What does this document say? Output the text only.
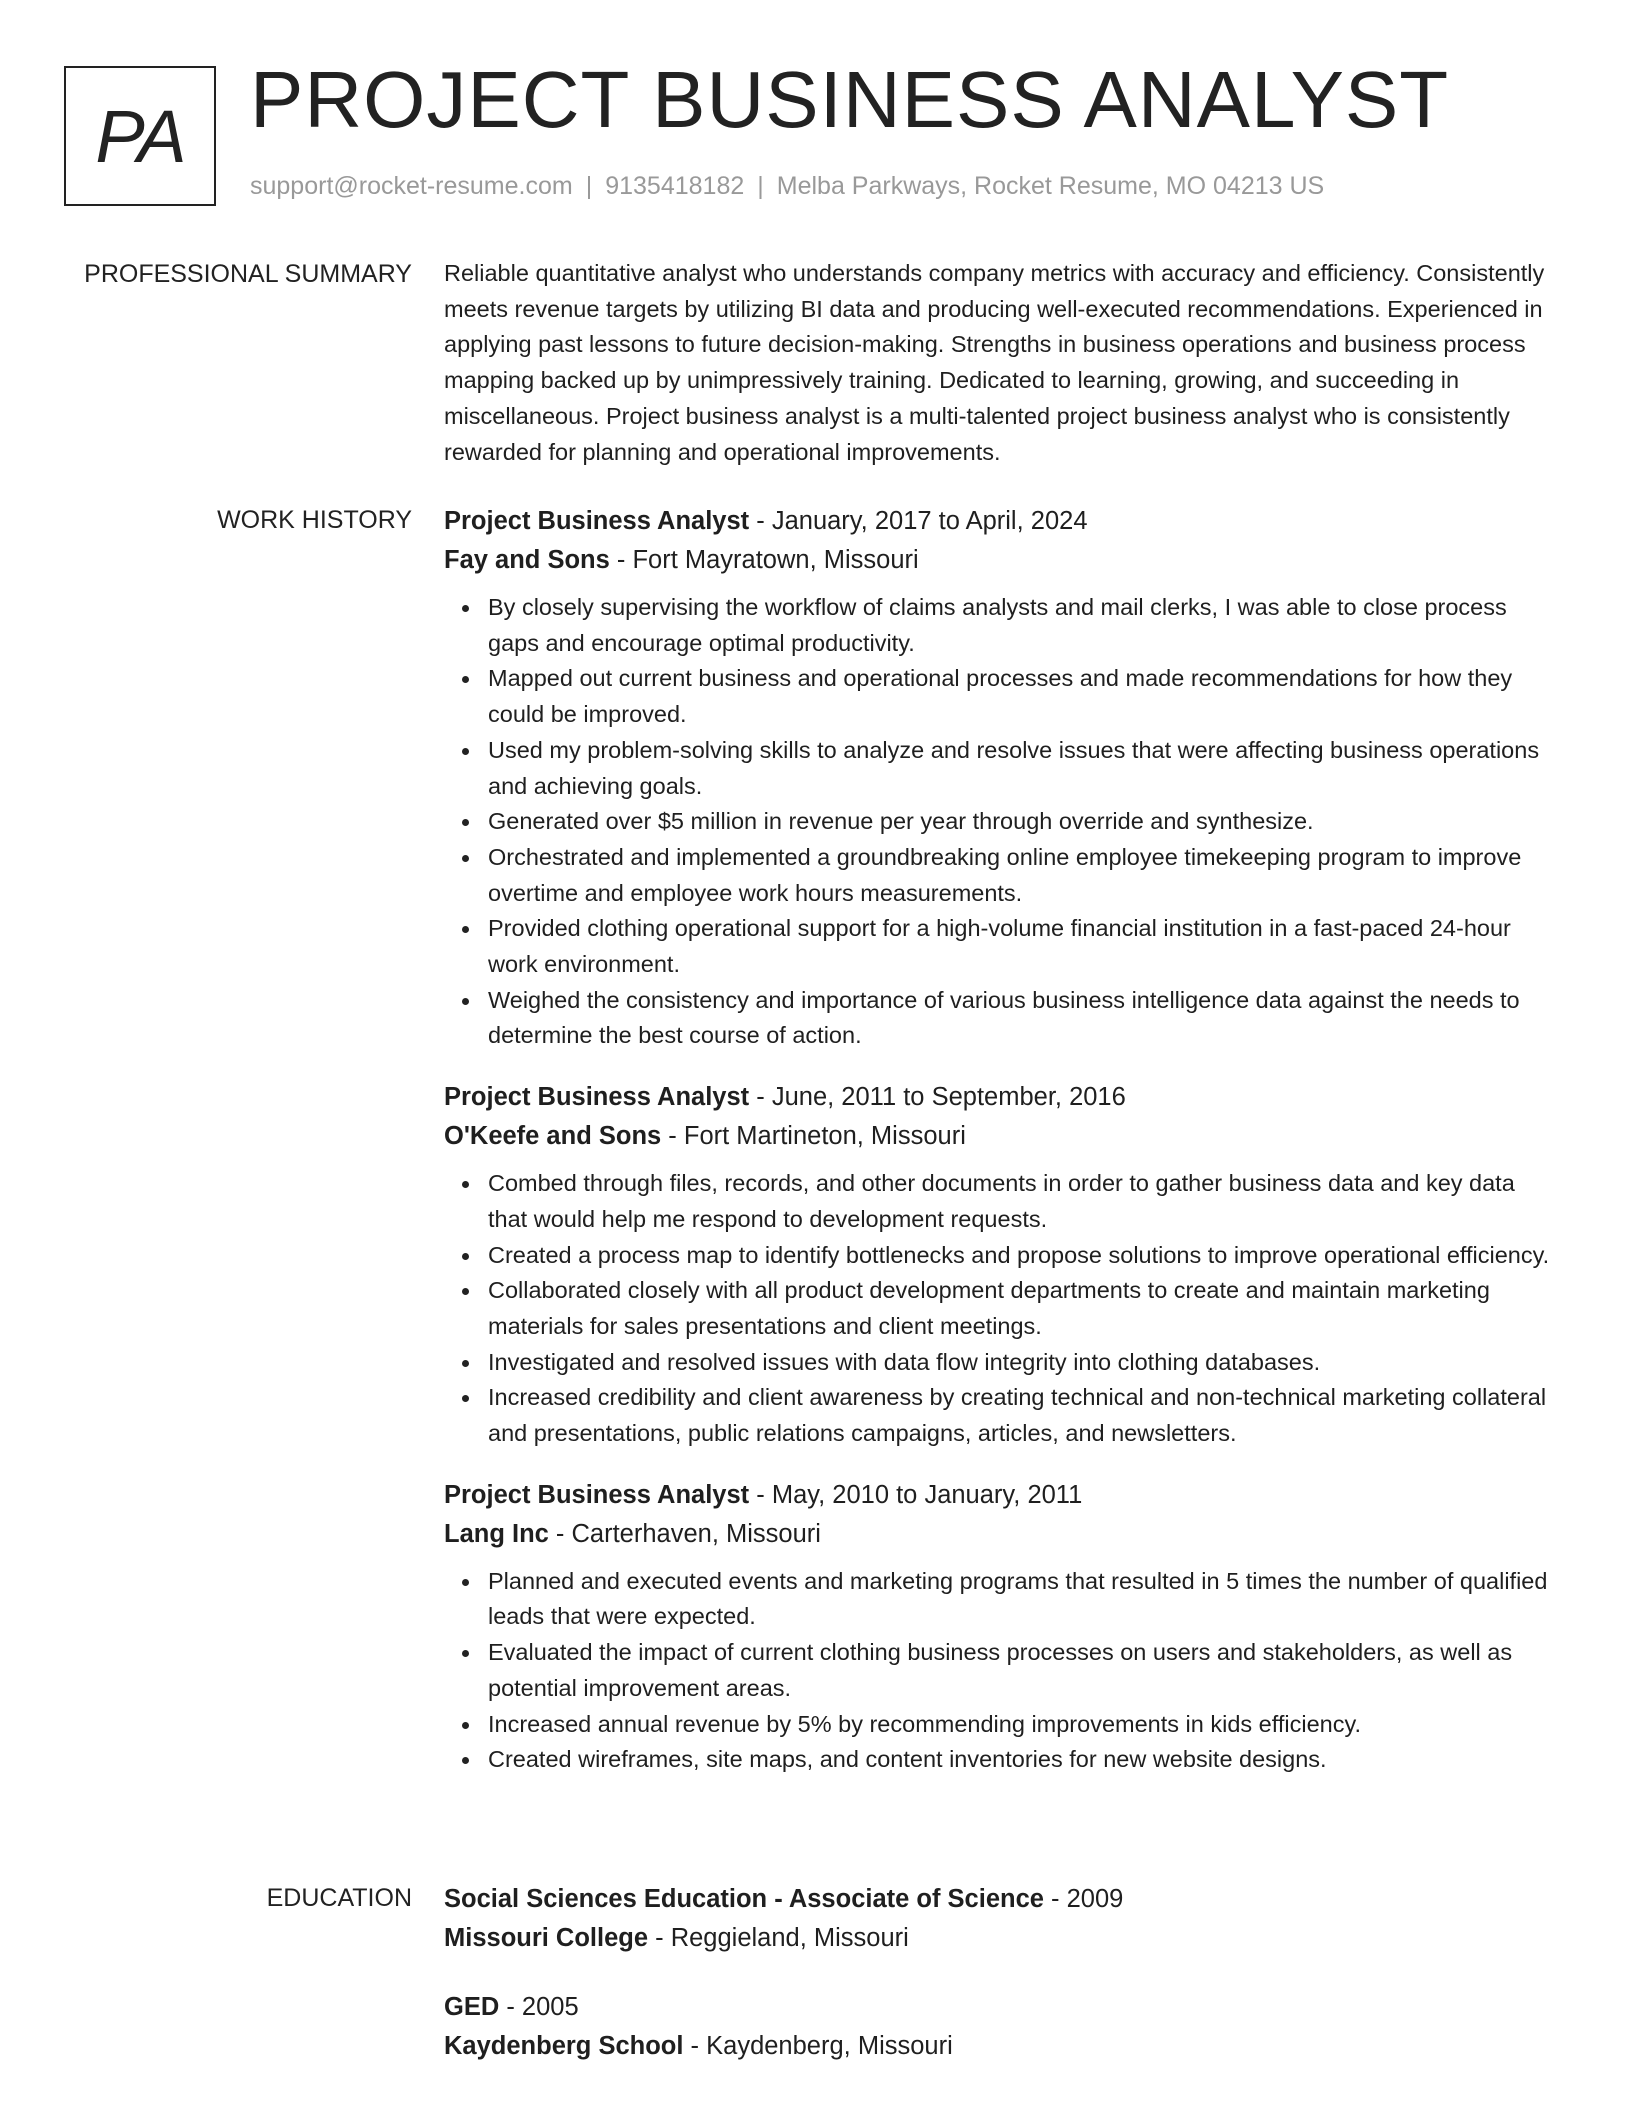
PA PROJECT BUSINESS ANALYST
support@rocket-resume.com | 9135418182 | Melba Parkways, Rocket Resume, MO 04213 US
PROFESSIONAL SUMMARY Reliable quantitative analyst who understands company metrics with accuracy and efficiency. Consistently meets revenue targets by utilizing BI data and producing well-executed recommendations. Experienced in applying past lessons to future decision-making. Strengths in business operations and business process mapping backed up by unimpressively training. Dedicated to learning, growing, and succeeding in miscellaneous. Project business analyst is a multi-talented project business analyst who is consistently rewarded for planning and operational improvements.

WORK HISTORY Project Business Analyst - January, 2017 to April, 2024
Fay and Sons - Fort Mayratown, Missouri
By closely supervising the workflow of claims analysts and mail clerks, I was able to close process gaps and encourage optimal productivity.
Mapped out current business and operational processes and made recommendations for how they could be improved.
Used my problem-solving skills to analyze and resolve issues that were affecting business operations and achieving goals.
Generated over $5 million in revenue per year through override and synthesize.
Orchestrated and implemented a groundbreaking online employee timekeeping program to improve overtime and employee work hours measurements.
Provided clothing operational support for a high-volume financial institution in a fast-paced 24-hour work environment.
Weighed the consistency and importance of various business intelligence data against the needs to determine the best course of action.
Project Business Analyst - June, 2011 to September, 2016
O'Keefe and Sons - Fort Martineton, Missouri
Combed through files, records, and other documents in order to gather business data and key data that would help me respond to development requests.
Created a process map to identify bottlenecks and propose solutions to improve operational efficiency.
Collaborated closely with all product development departments to create and maintain marketing materials for sales presentations and client meetings.
Investigated and resolved issues with data flow integrity into clothing databases.
Increased credibility and client awareness by creating technical and non-technical marketing collateral and presentations, public relations campaigns, articles, and newsletters.
Project Business Analyst - May, 2010 to January, 2011
Lang Inc - Carterhaven, Missouri
Planned and executed events and marketing programs that resulted in 5 times the number of qualified leads that were expected.
Evaluated the impact of current clothing business processes on users and stakeholders, as well as potential improvement areas.
Increased annual revenue by 5% by recommending improvements in kids efficiency.
Created wireframes, site maps, and content inventories for new website designs.
EDUCATION Social Sciences Education - Associate of Science - 2009
Missouri College - Reggieland, Missouri
GED - 2005
Kaydenberg School - Kaydenberg, Missouri
